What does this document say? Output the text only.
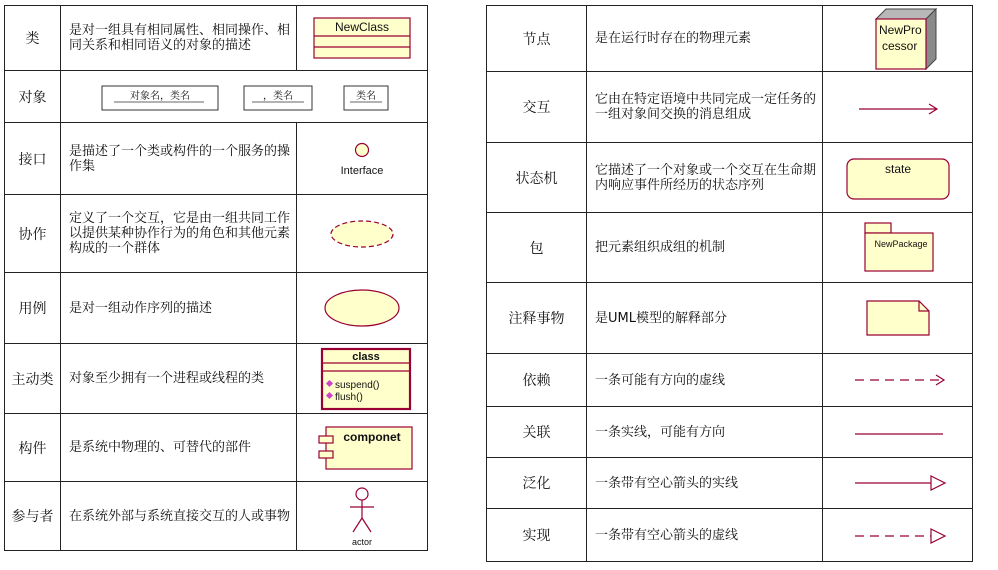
类	是对一组具有相同属性、相同操作、相同关系和相同语义的对象的描述	NewClass

对象	对象名，类名 ，类名 类名	

接口	是描述了一个类或构件的一个服务的操作集	Interface

协作	定义了一个交互，它是由一组共同工作以提供某种协作行为的角色和其他元素构成的一个群体	

用例	是对一组动作序列的描述	

主动类	对象至少拥有一个进程或线程的类	class
suspend()
flush()

构件	是系统中物理的、可替代的部件	componet

参与者	在系统外部与系统直接交互的人或事物	actor
节点	是在运行时存在的物理元素	NewPro
cessor

交互	它由在特定语境中共同完成一定任务的一组对象间交换的消息组成	

状态机	它描述了一个对象或一个交互在生命期内响应事件所经历的状态序列	state

包	把元素组织成组的机制	NewPackage

注释事物	是UML模型的解释部分	

依赖	一条可能有方向的虚线	

关联	一条实线，可能有方向	

泛化	一条带有空心箭头的实线	

实现	一条带有空心箭头的虚线	
